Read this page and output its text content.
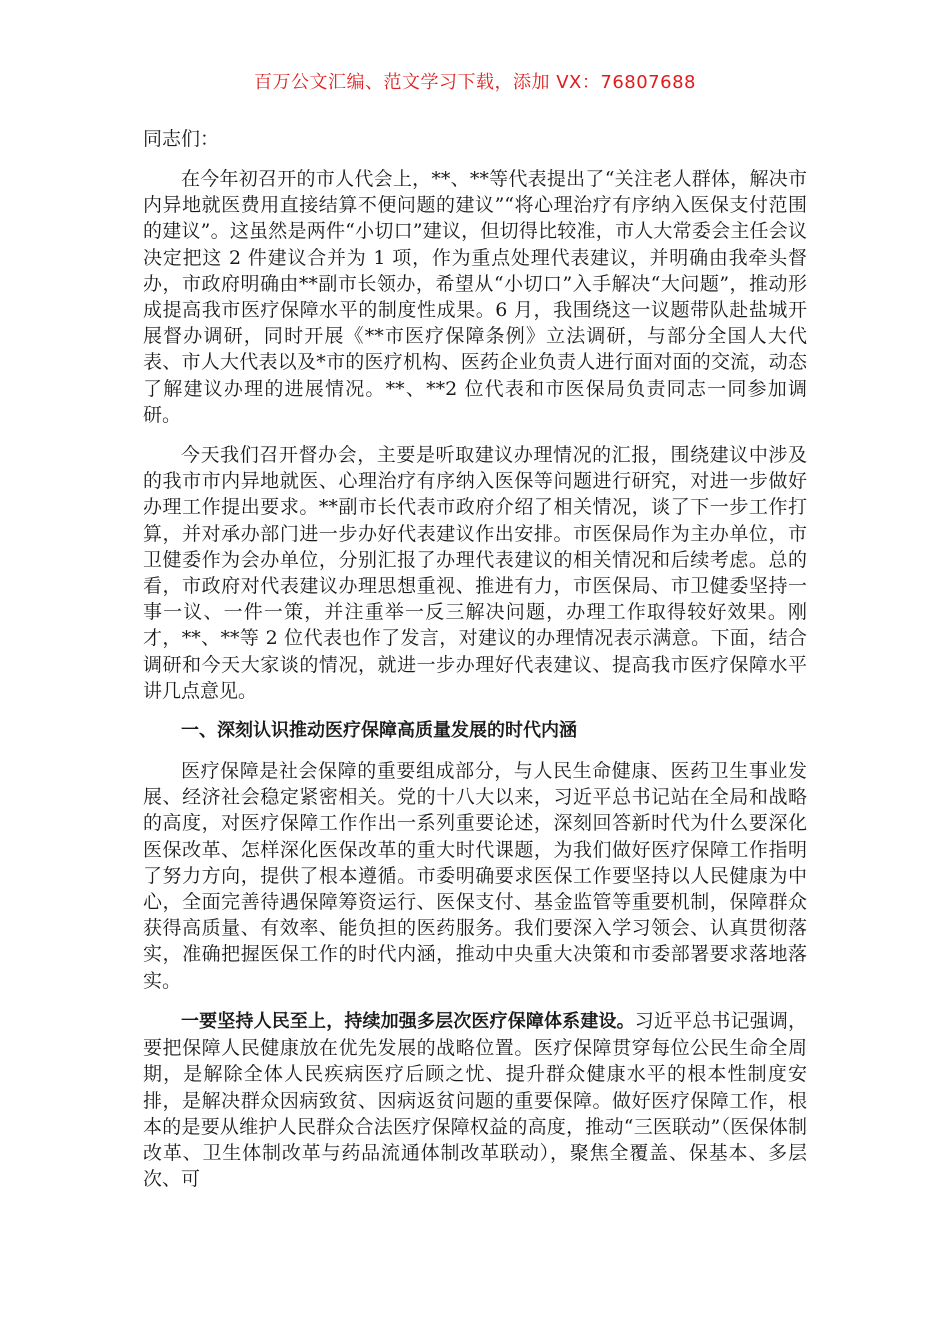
百万公文汇编、范文学习下载，添加 VX：76807688

同志们：

在今年初召开的市人代会上，**、**等代表提出了“关注老人群体，解决市内异地就医费用直接结算不便问题的建议”“将心理治疗有序纳入医保支付范围的建议”。这虽然是两件“小切口”建议，但切得比较准，市人大常委会主任会议决定把这 2 件建议合并为 1 项，作为重点处理代表建议，并明确由我牵头督办，市政府明确由**副市长领办，希望从“小切口”入手解决“大问题”，推动形成提高我市医疗保障水平的制度性成果。6 月，我围绕这一议题带队赴盐城开展督办调研，同时开展《**市医疗保障条例》立法调研，与部分全国人大代表、市人大代表以及*市的医疗机构、医药企业负责人进行面对面的交流，动态了解建议办理的进展情况。**、**2 位代表和市医保局负责同志一同参加调研。

今天我们召开督办会，主要是听取建议办理情况的汇报，围绕建议中涉及的我市市内异地就医、心理治疗有序纳入医保等问题进行研究，对进一步做好办理工作提出要求。**副市长代表市政府介绍了相关情况，谈了下一步工作打算，并对承办部门进一步办好代表建议作出安排。市医保局作为主办单位，市卫健委作为会办单位，分别汇报了办理代表建议的相关情况和后续考虑。总的看，市政府对代表建议办理思想重视、推进有力，市医保局、市卫健委坚持一事一议、一件一策，并注重举一反三解决问题，办理工作取得较好效果。刚才，**、**等 2 位代表也作了发言，对建议的办理情况表示满意。下面，结合调研和今天大家谈的情况，就进一步办理好代表建议、提高我市医疗保障水平讲几点意见。

一、深刻认识推动医疗保障高质量发展的时代内涵

医疗保障是社会保障的重要组成部分，与人民生命健康、医药卫生事业发展、经济社会稳定紧密相关。党的十八大以来，习近平总书记站在全局和战略的高度，对医疗保障工作作出一系列重要论述，深刻回答新时代为什么要深化医保改革、怎样深化医保改革的重大时代课题，为我们做好医疗保障工作指明了努力方向，提供了根本遵循。市委明确要求医保工作要坚持以人民健康为中心，全面完善待遇保障筹资运行、医保支付、基金监管等重要机制，保障群众获得高质量、有效率、能负担的医药服务。我们要深入学习领会、认真贯彻落实，准确把握医保工作的时代内涵，推动中央重大决策和市委部署要求落地落实。

一要坚持人民至上，持续加强多层次医疗保障体系建设。习近平总书记强调，要把保障人民健康放在优先发展的战略位置。医疗保障贯穿每位公民生命全周期，是解除全体人民疾病医疗后顾之忧、提升群众健康水平的根本性制度安排，是解决群众因病致贫、因病返贫问题的重要保障。做好医疗保障工作，根本的是要从维护人民群众合法医疗保障权益的高度，推动“三医联动”（医保体制改革、卫生体制改革与药品流通体制改革联动），聚焦全覆盖、保基本、多层次、可
